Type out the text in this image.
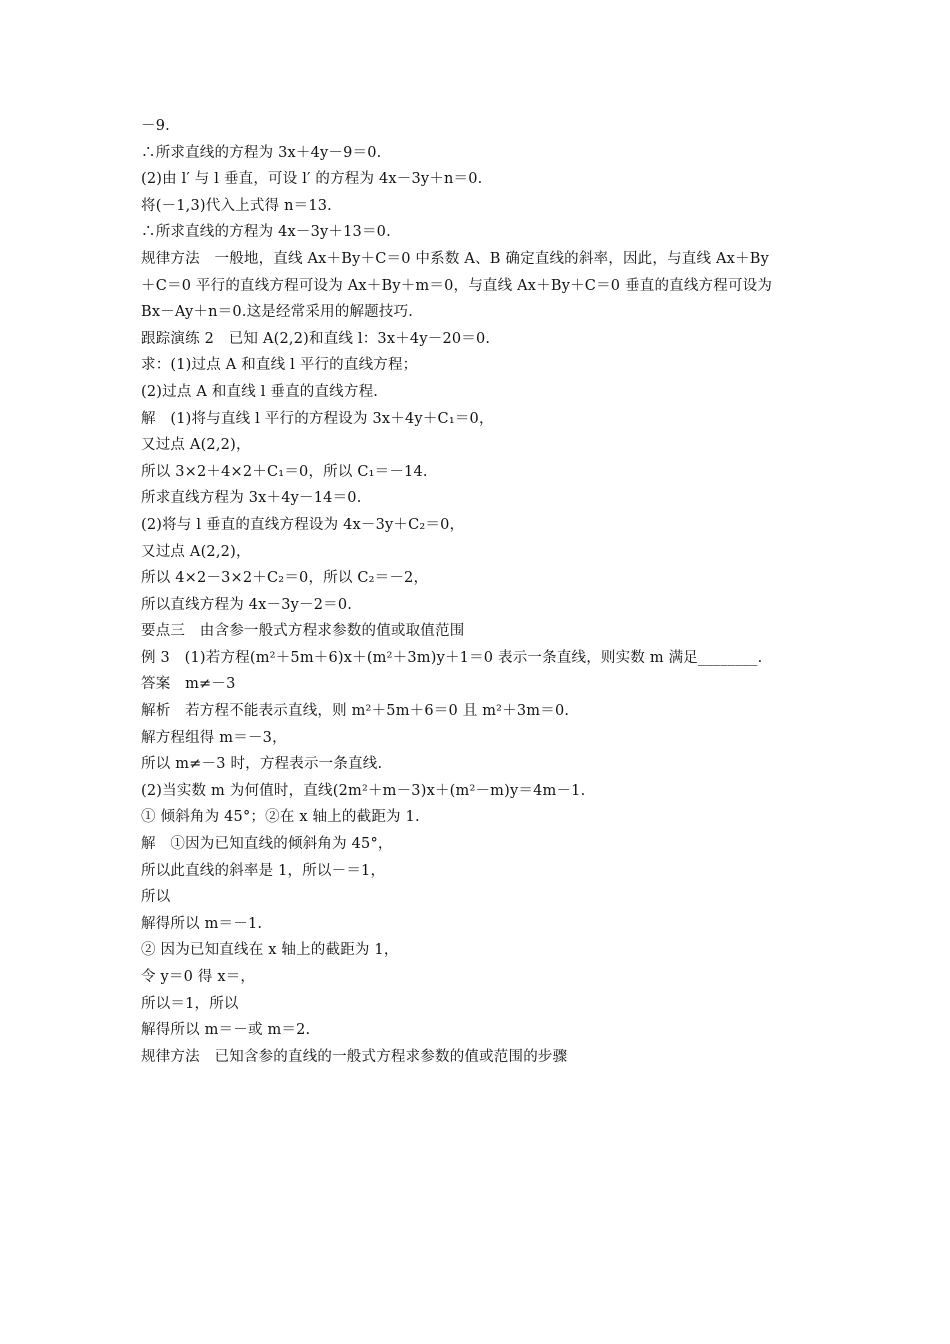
－9.
∴所求直线的方程为 3x＋4y－9＝0.
(2)由 l′ 与 l 垂直，可设 l′ 的方程为 4x－3y＋n＝0.
将(－1,3)代入上式得 n＝13.
∴所求直线的方程为 4x－3y＋13＝0.
规律方法　一般地，直线 Ax＋By＋C＝0 中系数 A、B 确定直线的斜率，因此，与直线 Ax＋By
＋C＝0 平行的直线方程可设为 Ax＋By＋m＝0，与直线 Ax＋By＋C＝0 垂直的直线方程可设为
Bx－Ay＋n＝0.这是经常采用的解题技巧.
跟踪演练 2　已知 A(2,2)和直线 l：3x＋4y－20＝0.
求：(1)过点 A 和直线 l 平行的直线方程；
(2)过点 A 和直线 l 垂直的直线方程.
解　(1)将与直线 l 平行的方程设为 3x＋4y＋C₁＝0，
又过点 A(2,2)，
所以 3×2＋4×2＋C₁＝0，所以 C₁＝－14.
所求直线方程为 3x＋4y－14＝0.
(2)将与 l 垂直的直线方程设为 4x－3y＋C₂＝0，
又过点 A(2,2)，
所以 4×2－3×2＋C₂＝0，所以 C₂＝－2，
所以直线方程为 4x－3y－2＝0.
要点三　由含参一般式方程求参数的值或取值范围
例 3　(1)若方程(m²＋5m＋6)x＋(m²＋3m)y＋1＝0 表示一条直线，则实数 m 满足________.
答案　m≠－3
解析　若方程不能表示直线，则 m²＋5m＋6＝0 且 m²＋3m＝0.
解方程组得 m＝－3，
所以 m≠－3 时，方程表示一条直线.
(2)当实数 m 为何值时，直线(2m²＋m－3)x＋(m²－m)y＝4m－1.
① 倾斜角为 45°；②在 x 轴上的截距为 1.
解　①因为已知直线的倾斜角为 45°，
所以此直线的斜率是 1，所以－＝1，
所以
解得所以 m＝－1.
② 因为已知直线在 x 轴上的截距为 1，
令 y＝0 得 x＝，
所以＝1，所以
解得所以 m＝－或 m＝2.
规律方法　已知含参的直线的一般式方程求参数的值或范围的步骤
